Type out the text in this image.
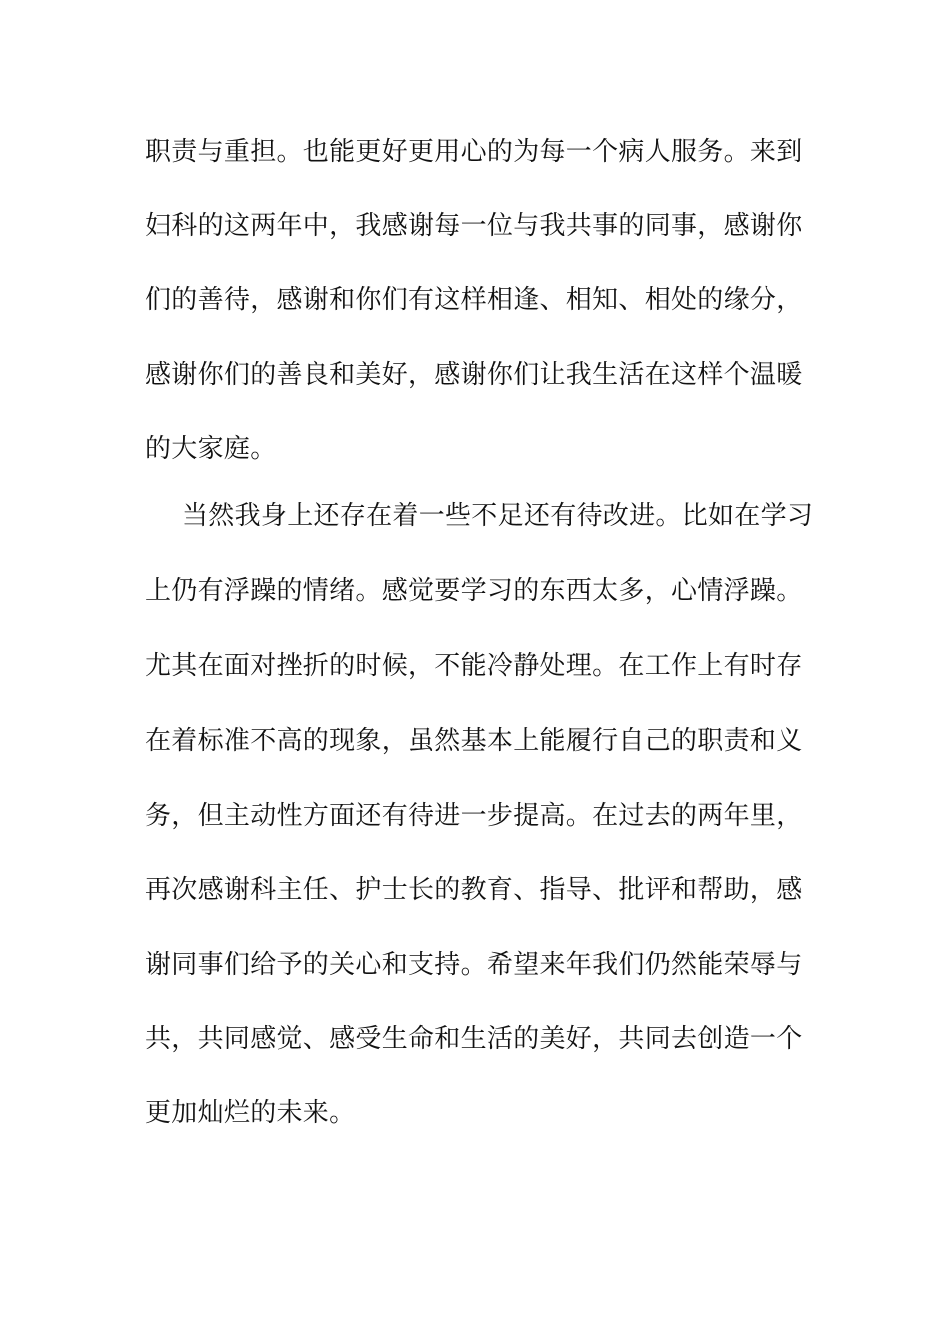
职责与重担。也能更好更用心的为每一个病人服务。来到
妇科的这两年中，我感谢每一位与我共事的同事，感谢你
们的善待，感谢和你们有这样相逢、相知、相处的缘分，
感谢你们的善良和美好，感谢你们让我生活在这样个温暖
的大家庭。
当然我身上还存在着一些不足还有待改进。比如在学习
上仍有浮躁的情绪。感觉要学习的东西太多，心情浮躁。
尤其在面对挫折的时候，不能冷静处理。在工作上有时存
在着标准不高的现象，虽然基本上能履行自己的职责和义
务，但主动性方面还有待进一步提高。在过去的两年里，
再次感谢科主任、护士长的教育、指导、批评和帮助，感
谢同事们给予的关心和支持。希望来年我们仍然能荣辱与
共，共同感觉、感受生命和生活的美好，共同去创造一个
更加灿烂的未来。
